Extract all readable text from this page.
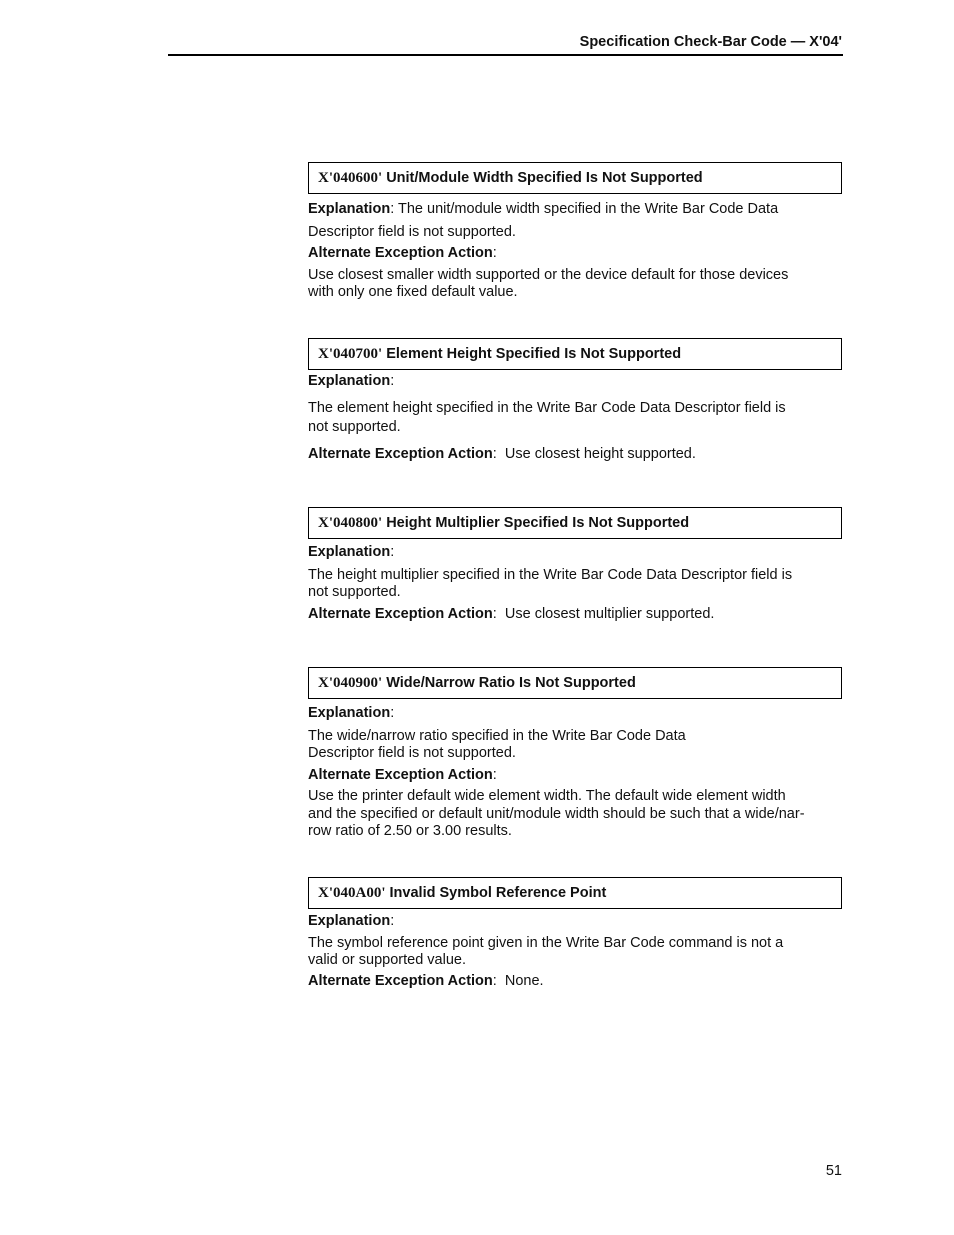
Specification Check-Bar Code — X'04'
X'040600' Unit/Module Width Specified Is Not Supported

Explanation: The unit/module width specified in the Write Bar Code Data

Descriptor field is not supported.

Alternate Exception Action:

Use closest smaller width supported or the device default for those devices

with only one fixed default value.

X'040700' Element Height Specified Is Not Supported

Explanation:

The element height specified in the Write Bar Code Data Descriptor field is

not supported.

Alternate Exception Action: Use closest height supported.

X'040800' Height Multiplier Specified Is Not Supported

Explanation:

The height multiplier specified in the Write Bar Code Data Descriptor field is

not supported.

Alternate Exception Action: Use closest multiplier supported.

X'040900' Wide/Narrow Ratio Is Not Supported

Explanation:

The wide/narrow ratio specified in the Write Bar Code Data

Descriptor field is not supported.

Alternate Exception Action:

Use the printer default wide element width. The default wide element width

and the specified or default unit/module width should be such that a wide/nar-

row ratio of 2.50 or 3.00 results.

X'040A00' Invalid Symbol Reference Point

Explanation:

The symbol reference point given in the Write Bar Code command is not a

valid or supported value.

Alternate Exception Action: None.

51
